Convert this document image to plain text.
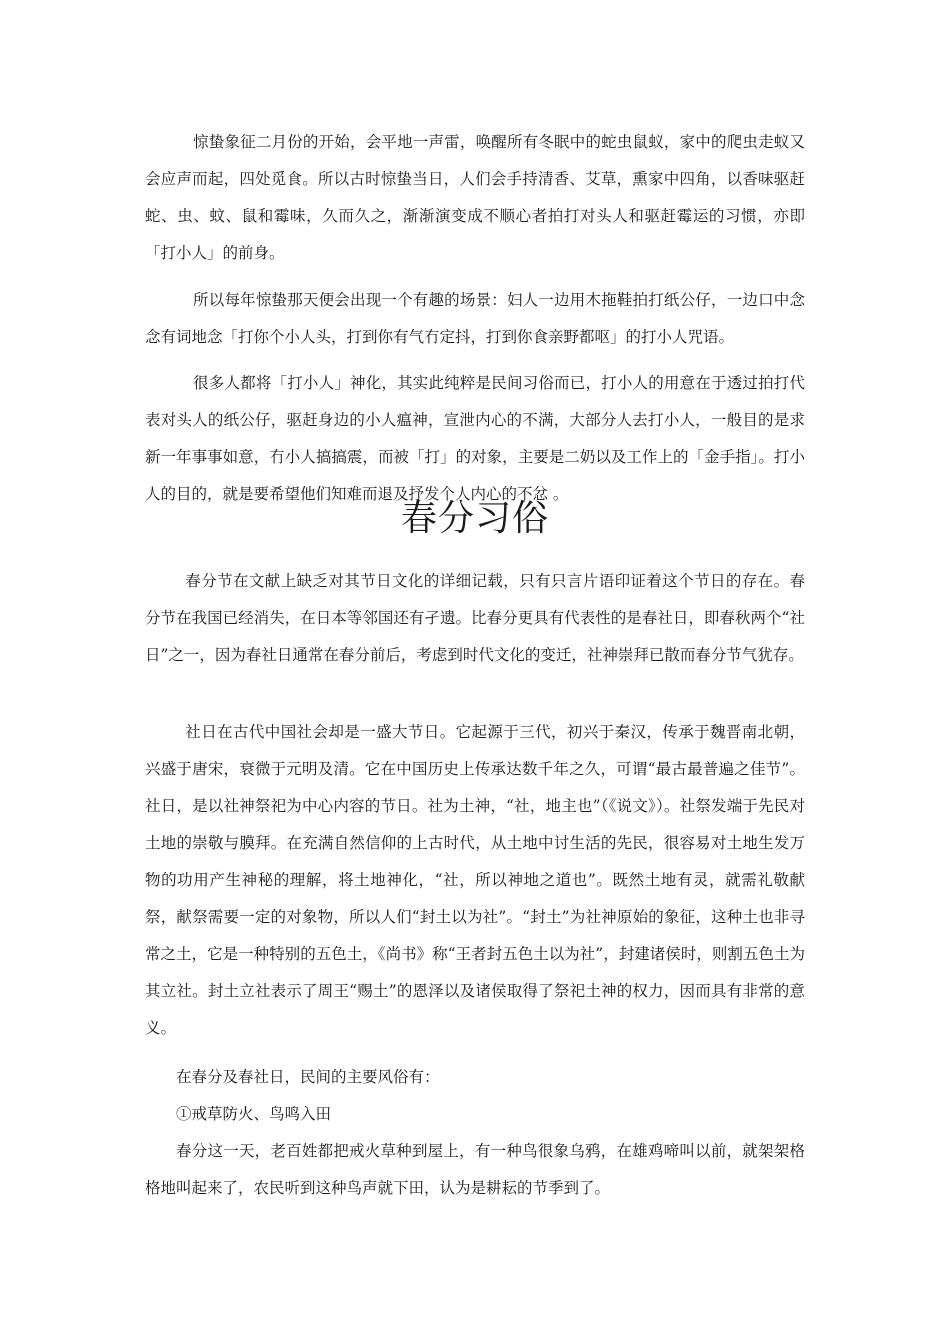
惊蛰象征二月份的开始，会平地一声雷，唤醒所有冬眠中的蛇虫鼠蚁，家中的爬虫走蚁又会应声而起，四处觅食。所以古时惊蛰当日，人们会手持清香、艾草，熏家中四角，以香味驱赶蛇、虫、蚊、鼠和霉味，久而久之，渐渐演变成不顺心者拍打对头人和驱赶霉运的习惯，亦即「打小人」的前身。

所以每年惊蛰那天便会出现一个有趣的场景：妇人一边用木拖鞋拍打纸公仔，一边口中念念有词地念「打你个小人头，打到你有气冇定抖，打到你食亲野都呕」的打小人咒语。

很多人都将「打小人」神化，其实此纯粹是民间习俗而已，打小人的用意在于透过拍打代表对头人的纸公仔，驱赶身边的小人瘟神，宣泄内心的不满，大部分人去打小人，一般目的是求新一年事事如意，冇小人搞搞震，而被「打」的对象，主要是二奶以及工作上的「金手指」。打小人的目的，就是要希望他们知难而退及抒发个人内心的不忿 。

春分习俗

春分节在文献上缺乏对其节日文化的详细记载，只有只言片语印证着这个节日的存在。春分节在我国已经消失，在日本等邻国还有孑遗。比春分更具有代表性的是春社日，即春秋两个“社日”之一，因为春社日通常在春分前后，考虑到时代文化的变迁，社神崇拜已散而春分节气犹存。

社日在古代中国社会却是一盛大节日。它起源于三代，初兴于秦汉，传承于魏晋南北朝，兴盛于唐宋，衰微于元明及清。它在中国历史上传承达数千年之久，可谓“最古最普遍之佳节”。 社日，是以社神祭祀为中心内容的节日。社为土神，“社，地主也”（《说文》）。社祭发端于先民对土地的崇敬与膜拜。在充满自然信仰的上古时代，从土地中讨生活的先民，很容易对土地生发万物的功用产生神秘的理解，将土地神化，“社，所以神地之道也”。既然土地有灵，就需礼敬献祭，献祭需要一定的对象物，所以人们“封土以为社”。“封土”为社神原始的象征，这种土也非寻常之土，它是一种特别的五色土，《尚书》称“王者封五色土以为社”，封建诸侯时，则割五色土为其立社。封土立社表示了周王“赐土”的恩泽以及诸侯取得了祭祀土神的权力，因而具有非常的意义。

在春分及春社日，民间的主要风俗有：

①戒草防火、鸟鸣入田

春分这一天，老百姓都把戒火草种到屋上，有一种鸟很象乌鸦，在雄鸡啼叫以前，就架架格格地叫起来了，农民听到这种鸟声就下田，认为是耕耘的节季到了。
